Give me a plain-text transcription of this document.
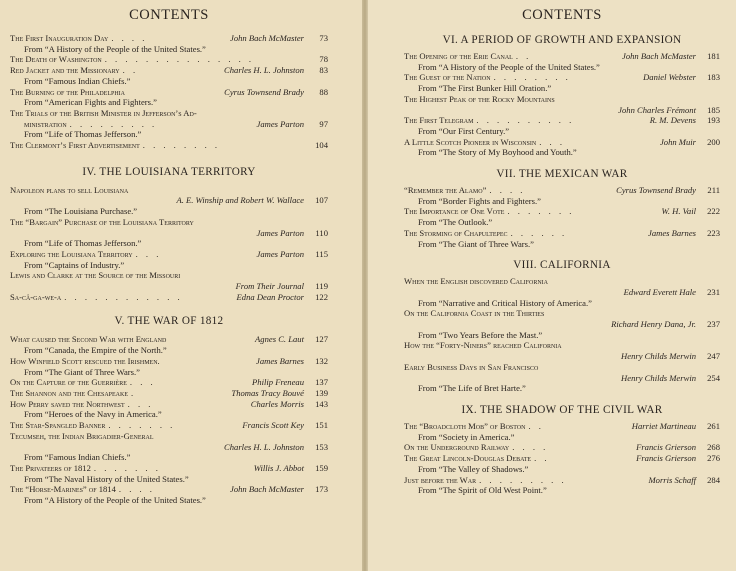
CONTENTS
The First Inauguration Day . . . .	John Bach McMaster	73
From “A History of the People of the United States.”
The Death of Washington . . . . . . . . . . . . . . .	78
Red Jacket and the Missionary . .	Charles H. L. Johnston	83
From “Famous Indian Chiefs.”
The Burning of the Philadelphia	Cyrus Townsend Brady	88
From “American Fights and Fighters.”
The Trials of the British Minister in Jefferson’s Ad-
ministration . . . . . . . . .	James Parton	97
From “Life of Thomas Jefferson.”
The Clermont’s First Advertisement . . . . . . . .	104
IV. THE LOUISIANA TERRITORY
Napoleon plans to sell Louisiana
A. E. Winship and Robert W. Wallace	107
From “The Louisiana Purchase.”
The “Bargain” Purchase of the Louisiana Territory
James Parton	110
From “Life of Thomas Jefferson.”
Exploring the Louisiana Territory . . .	James Parton	115
From “Captains of Industry.”
Lewis and Clarke at the Source of the Missouri
From Their Journal	119
Sa-câ-ga-we-a . . . . . . . . . . . .	Edna Dean Proctor	122
V. THE WAR OF 1812
What caused the Second War with England	Agnes C. Laut	127
From “Canada, the Empire of the North.”
How Winfield Scott rescued the Irishmen.	James Barnes	132
From “The Giant of Three Wars.”
On the Capture of the Guerrière . . .	Philip Freneau	137
The Shannon and the Chesapeake .	Thomas Tracy Bouvé	139
How Perry saved the Northwest . . .	Charles Morris	143
From “Heroes of the Navy in America.”
The Star-Spangled Banner . . . . . . .	Francis Scott Key	151
Tecumseh, the Indian Brigadier-General
Charles H. L. Johnston	153
From “Famous Indian Chiefs.”
The Privateers of 1812 . . . . . . .	Willis J. Abbot	159
From “The Naval History of the United States.”
The “Horse-Marines” of 1814 . . . .	John Bach McMaster	173
From “A History of the People of the United States.”
CONTENTS
VI. A PERIOD OF GROWTH AND EXPANSION
The Opening of the Erie Canal . .	John Bach McMaster	181
From “A History of the People of the United States.”
The Guest of the Nation . . . . . . . .	Daniel Webster	183
From “The First Bunker Hill Oration.”
The Highest Peak of the Rocky Mountains
John Charles Frémont	185
The First Telegram . . . . . . . . . .	R. M. Devens	193
From “Our First Century.”
A Little Scotch Pioneer in Wisconsin . . .	John Muir	200
From “The Story of My Boyhood and Youth.”
VII. THE MEXICAN WAR
“Remember the Alamo” . . . .	Cyrus Townsend Brady	211
From “Border Fights and Fighters.”
The Importance of One Vote . . . . . . .	W. H. Vail	222
From “The Outlook.”
The Storming of Chapultepec . . . . . .	James Barnes	223
From “The Giant of Three Wars.”
VIII. CALIFORNIA
When the English discovered California
Edward Everett Hale	231
From “Narrative and Critical History of America.”
On the California Coast in the Thirties
Richard Henry Dana, Jr.	237
From “Two Years Before the Mast.”
How the “Forty-Niners” reached California
Henry Childs Merwin	247
Early Business Days in San Francisco
Henry Childs Merwin	254
From “The Life of Bret Harte.”
IX. THE SHADOW OF THE CIVIL WAR
The “Broadcloth Mob” of Boston . .	Harriet Martineau	261
From “Society in America.”
On the Underground Railway . . . .	Francis Grierson	268
The Great Lincoln-Douglas Debate . .	Francis Grierson	276
From “The Valley of Shadows.”
Just before the War . . . . . . . . .	Morris Schaff	284
From “The Spirit of Old West Point.”
